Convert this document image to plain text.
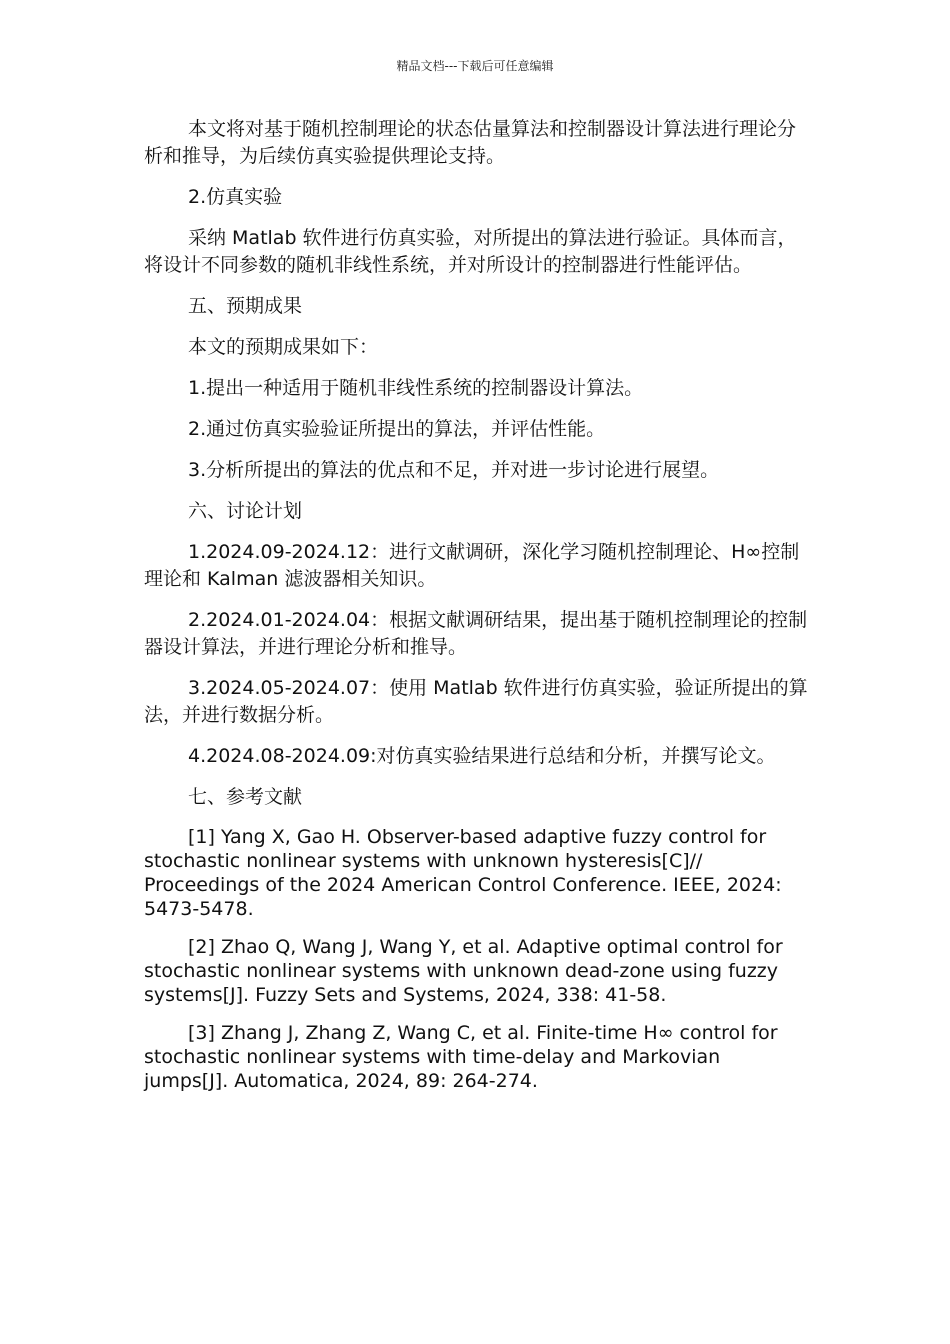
精品文档---下载后可任意编辑

本文将对基于随机控制理论的状态估量算法和控制器设计算法进行理论分析和推导，为后续仿真实验提供理论支持。

2.仿真实验

采纳 Matlab 软件进行仿真实验，对所提出的算法进行验证。具体而言，将设计不同参数的随机非线性系统，并对所设计的控制器进行性能评估。

五、预期成果

本文的预期成果如下：

1.提出一种适用于随机非线性系统的控制器设计算法。

2.通过仿真实验验证所提出的算法，并评估性能。

3.分析所提出的算法的优点和不足，并对进一步讨论进行展望。

六、讨论计划

1.2024.09-2024.12：进行文献调研，深化学习随机控制理论、H∞控制理论和 Kalman 滤波器相关知识。

2.2024.01-2024.04：根据文献调研结果，提出基于随机控制理论的控制器设计算法，并进行理论分析和推导。

3.2024.05-2024.07：使用 Matlab 软件进行仿真实验，验证所提出的算法，并进行数据分析。

4.2024.08-2024.09:对仿真实验结果进行总结和分析，并撰写论文。

七、参考文献

[1] Yang X, Gao H. Observer-based adaptive fuzzy control for stochastic nonlinear systems with unknown hysteresis[C]// Proceedings of the 2024 American Control Conference. IEEE, 2024: 5473-5478.

[2] Zhao Q, Wang J, Wang Y, et al. Adaptive optimal control for stochastic nonlinear systems with unknown dead-zone using fuzzy systems[J]. Fuzzy Sets and Systems, 2024, 338: 41-58.

[3] Zhang J, Zhang Z, Wang C, et al. Finite-time H∞ control for stochastic nonlinear systems with time-delay and Markovian jumps[J]. Automatica, 2024, 89: 264-274.
